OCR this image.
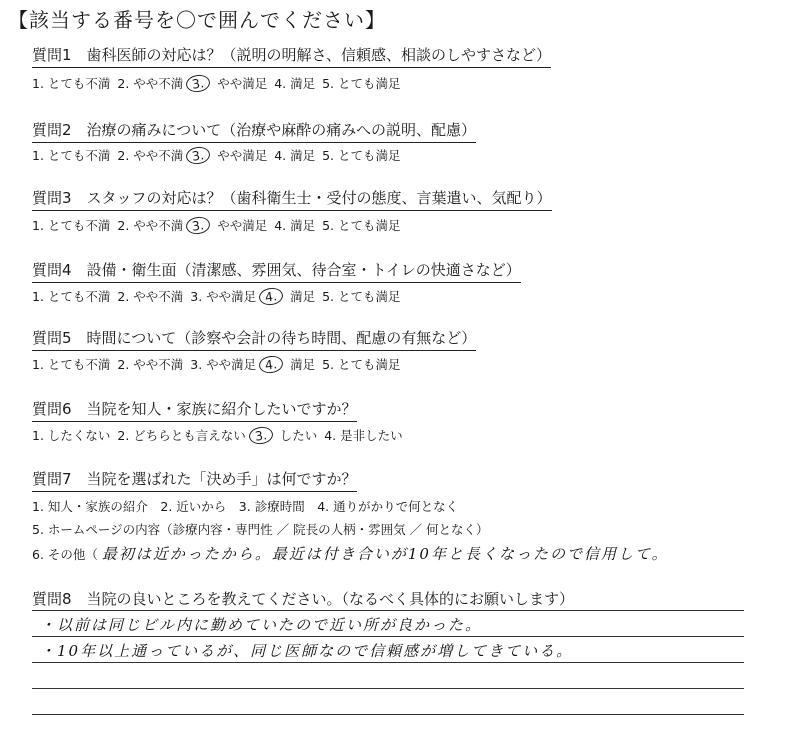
【該当する番号を〇で囲んでください】
質問1　歯科医師の対応は？（説明の明解さ、信頼感、相談のしやすさなど）
1. とても不満 2. やや不満 3. やや満足 4. 満足 5. とても満足
質問2　治療の痛みについて（治療や麻酔の痛みへの説明、配慮）
1. とても不満 2. やや不満 3. やや満足 4. 満足 5. とても満足
質問3　スタッフの対応は？（歯科衛生士・受付の態度、言葉遣い、気配り）
1. とても不満 2. やや不満 3. やや満足 4. 満足 5. とても満足
質問4　設備・衛生面（清潔感、雰囲気、待合室・トイレの快適さなど）
1. とても不満 2. やや不満 3. やや満足 4. 満足 5. とても満足
質問5　時間について（診察や会計の待ち時間、配慮の有無など）
1. とても不満 2. やや不満 3. やや満足 4. 満足 5. とても満足
質問6　当院を知人・家族に紹介したいですか？
1. したくない 2. どちらとも言えない 3. したい 4. 是非したい
質問7　当院を選ばれた「決め手」は何ですか？
1. 知人・家族の紹介　2. 近いから　3. 診療時間　4. 通りがかりで何となく
5. ホームページの内容（診療内容・専門性 ／ 院長の人柄・雰囲気 ／ 何となく）
6. その他（ 最初は近かったから。最近は付き合いが10年と長くなったので信用して。
質問8　当院の良いところを教えてください。（なるべく具体的にお願いします）
・以前は同じビル内に勤めていたので近い所が良かった。
・10年以上通っているが、同じ医師なので信頼感が増してきている。
